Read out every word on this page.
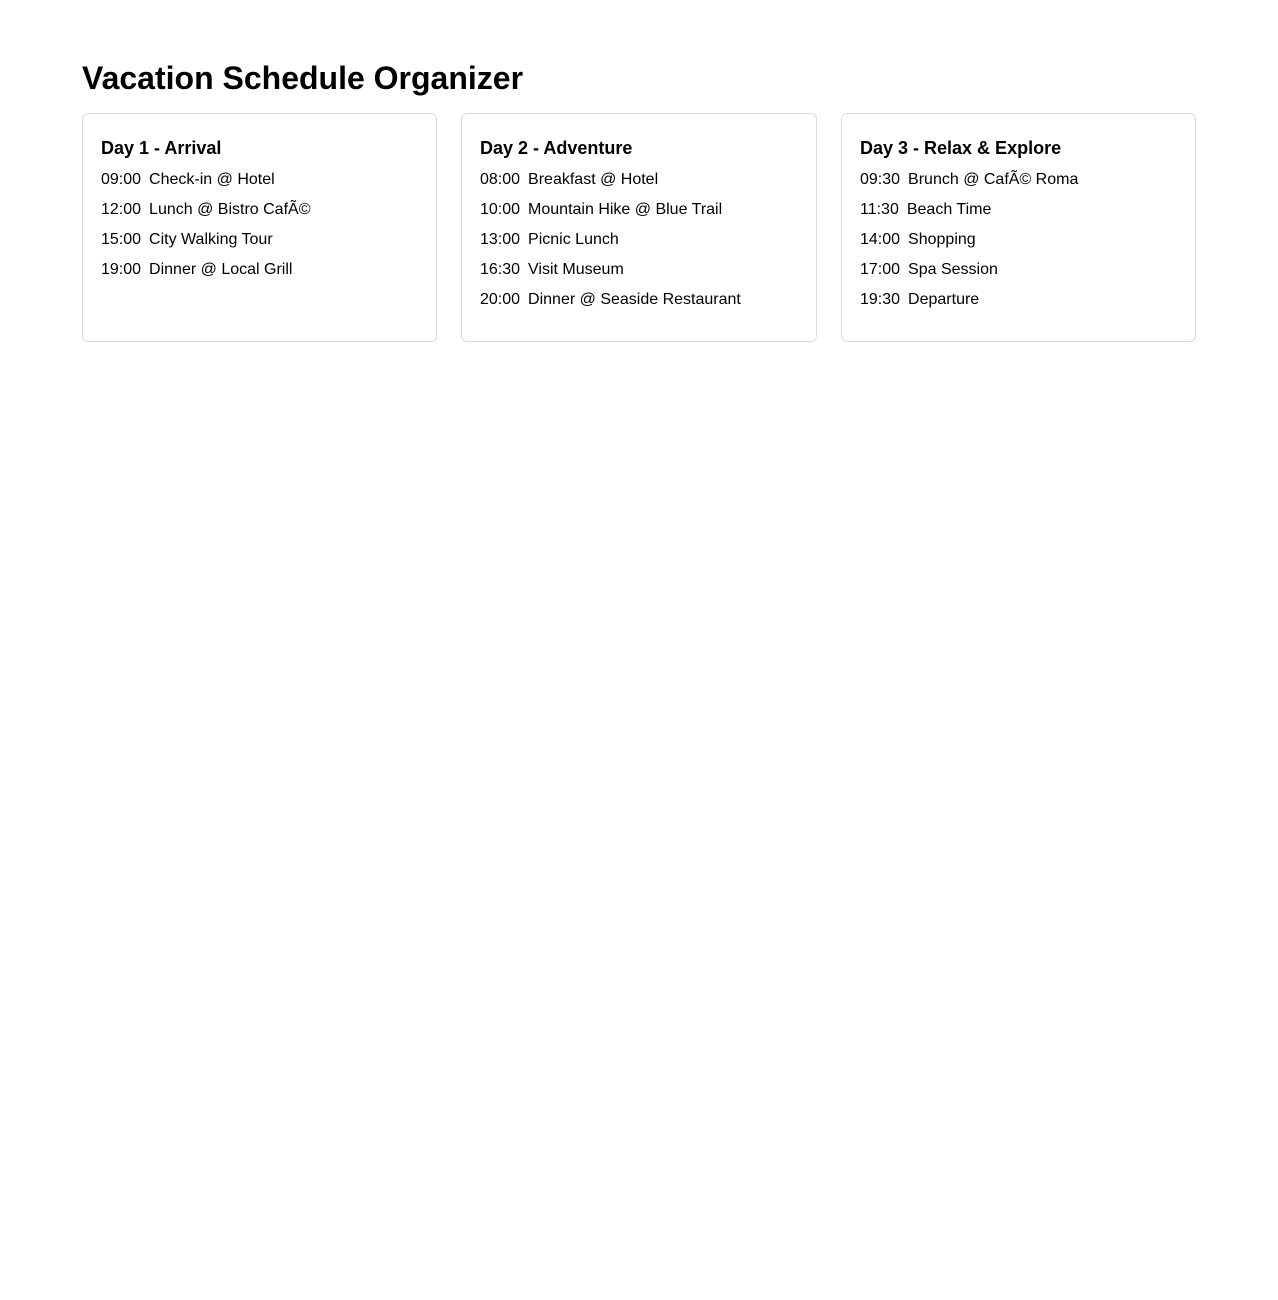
Vacation Schedule Organizer
Day 1 - Arrival
09:00 Check-in @ Hotel
12:00 Lunch @ Bistro CafÃ©
15:00 City Walking Tour
19:00 Dinner @ Local Grill
Day 2 - Adventure
08:00 Breakfast @ Hotel
10:00 Mountain Hike @ Blue Trail
13:00 Picnic Lunch
16:30 Visit Museum
20:00 Dinner @ Seaside Restaurant
Day 3 - Relax & Explore
09:30 Brunch @ CafÃ© Roma
11:30 Beach Time
14:00 Shopping
17:00 Spa Session
19:30 Departure
